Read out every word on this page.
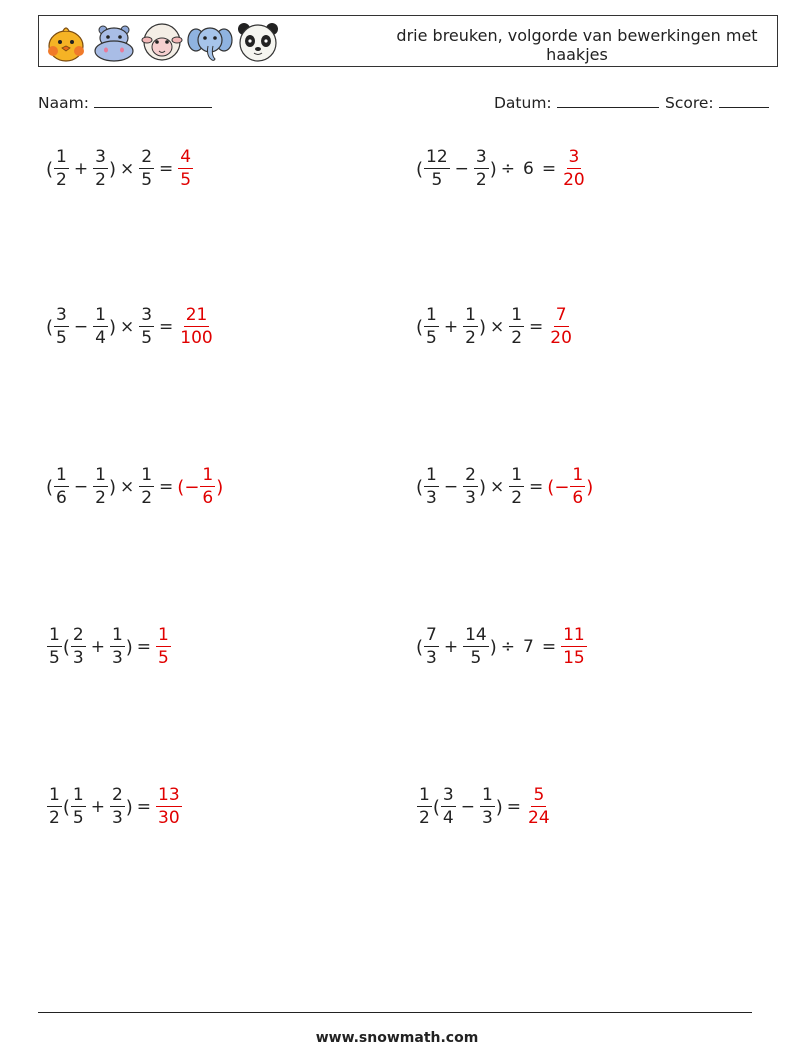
drie breuken, volgorde van bewerkingen met haakjes
Naam:	Datum:	Score:
( $\frac{1}{2} + \frac{3}{2}$ ) × $\frac{2}{5} = \frac{4}{5}$	( $\frac{12}{5} - \frac{3}{2}$ ) ÷ $6 = \frac{3}{20}$
( $\frac{3}{5} - \frac{1}{4}$ ) × $\frac{3}{5} = \frac{21}{100}$	( $\frac{1}{5} + \frac{1}{2}$ ) × $\frac{1}{2} = \frac{7}{20}$
( $\frac{1}{6} - \frac{1}{2}$ ) × $\frac{1}{2}$ = (− $\frac{1}{6}$ )	( $\frac{1}{3} - \frac{2}{3}$ ) × $\frac{1}{2}$ = (− $\frac{1}{6}$ )
$\frac{1}{5}$ ( $\frac{2}{3} + \frac{1}{3}$ ) = $\frac{1}{5}$	( $\frac{7}{3} + \frac{14}{5}$ ) ÷ $7 = \frac{11}{15}$
$\frac{1}{2}$ ( $\frac{1}{5} + \frac{2}{3}$ ) = $\frac{13}{30}$	$\frac{1}{2}$ ( $\frac{3}{4} - \frac{1}{3}$ ) = $\frac{5}{24}$
www.snowmath.com
